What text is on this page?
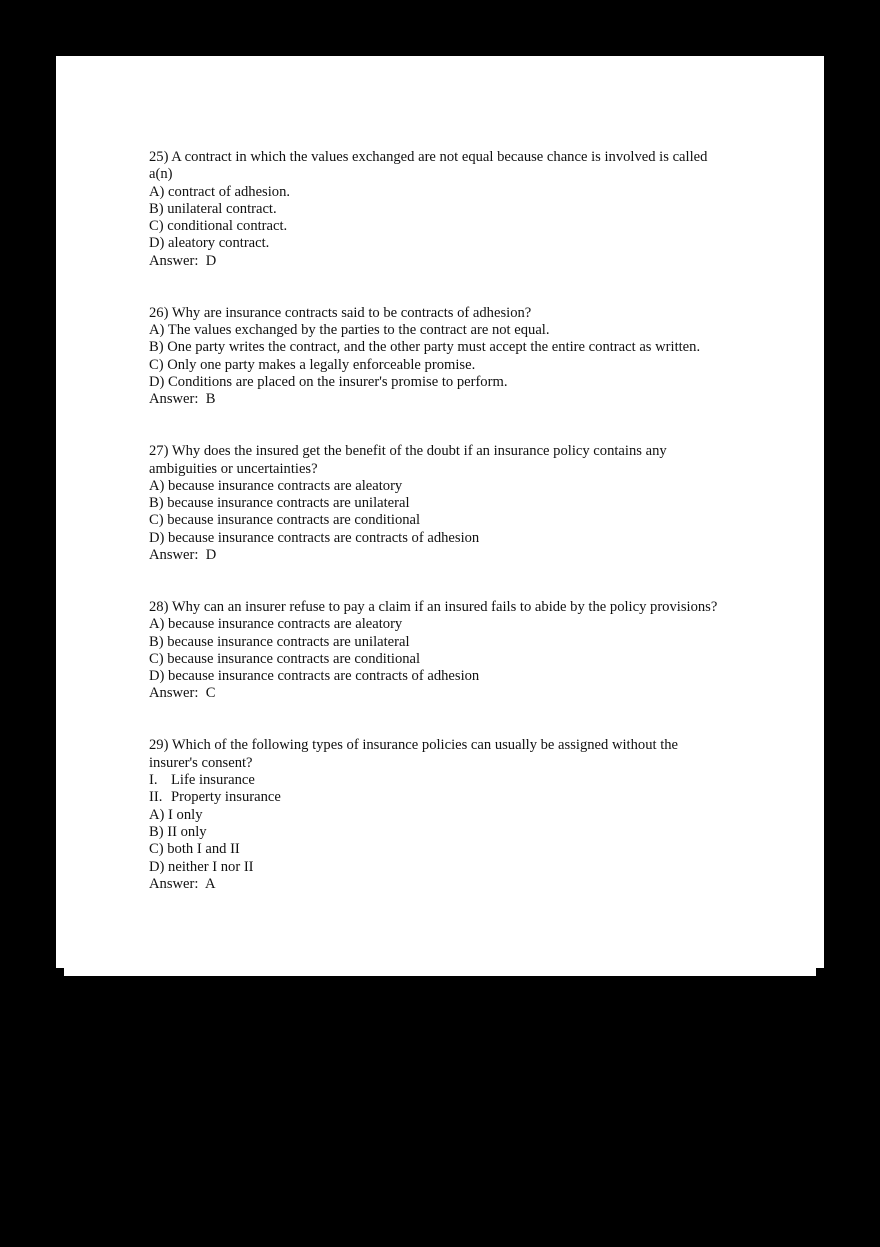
25) A contract in which the values exchanged are not equal because chance is involved is called
a(n)
A) contract of adhesion.
B) unilateral contract.
C) conditional contract.
D) aleatory contract.
Answer:  D
26) Why are insurance contracts said to be contracts of adhesion?
A) The values exchanged by the parties to the contract are not equal.
B) One party writes the contract, and the other party must accept the entire contract as written.
C) Only one party makes a legally enforceable promise.
D) Conditions are placed on the insurer's promise to perform.
Answer:  B
27) Why does the insured get the benefit of the doubt if an insurance policy contains any
ambiguities or uncertainties?
A) because insurance contracts are aleatory
B) because insurance contracts are unilateral
C) because insurance contracts are conditional
D) because insurance contracts are contracts of adhesion
Answer:  D
28) Why can an insurer refuse to pay a claim if an insured fails to abide by the policy provisions?
A) because insurance contracts are aleatory
B) because insurance contracts are unilateral
C) because insurance contracts are conditional
D) because insurance contracts are contracts of adhesion
Answer:  C
29) Which of the following types of insurance policies can usually be assigned without the
insurer's consent?
I. Life insurance
II. Property insurance
A) I only
B) II only
C) both I and II
D) neither I nor II
Answer:  A
